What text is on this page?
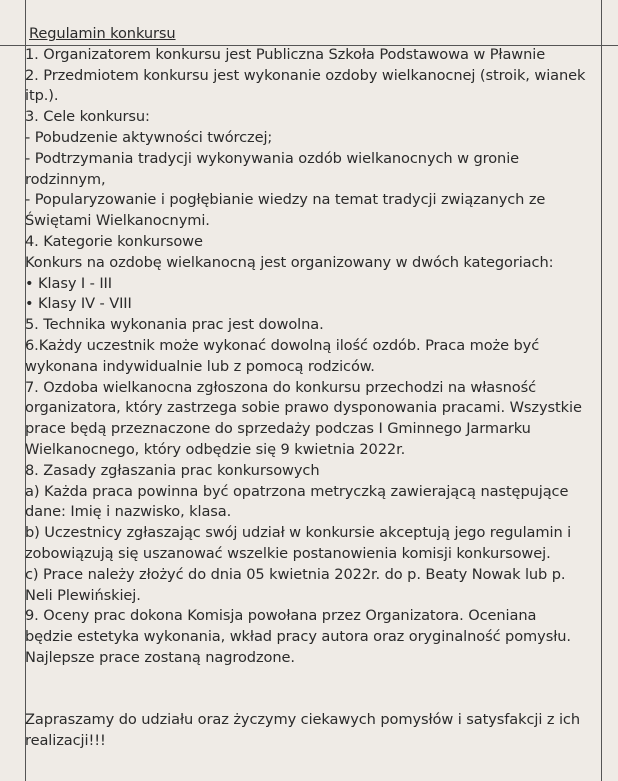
Regulamin konkursu
1. Organizatorem konkursu jest Publiczna Szkoła Podstawowa w Pławnie
2. Przedmiotem konkursu jest wykonanie ozdoby wielkanocnej (stroik, wianek
itp.).
3. Cele konkursu:
- Pobudzenie aktywności twórczej;
- Podtrzymania tradycji wykonywania ozdób wielkanocnych w gronie
rodzinnym,
- Popularyzowanie i pogłębianie wiedzy na temat tradycji związanych ze
Świętami Wielkanocnymi.
4. Kategorie konkursowe
Konkurs na ozdobę wielkanocną jest organizowany w dwóch kategoriach:
• Klasy I - III
• Klasy IV - VIII
5. Technika wykonania prac jest dowolna.
6.Każdy uczestnik może wykonać dowolną ilość ozdób. Praca może być
wykonana indywidualnie lub z pomocą rodziców.
7. Ozdoba wielkanocna zgłoszona do konkursu przechodzi na własność
organizatora, który zastrzega sobie prawo dysponowania pracami. Wszystkie
prace będą przeznaczone do sprzedaży podczas I Gminnego Jarmarku
Wielkanocnego, który odbędzie się 9 kwietnia 2022r.
8. Zasady zgłaszania prac konkursowych
a) Każda praca powinna być opatrzona metryczką zawierającą następujące
dane: Imię i nazwisko, klasa.
b) Uczestnicy zgłaszając swój udział w konkursie akceptują jego regulamin i
zobowiązują się uszanować wszelkie postanowienia komisji konkursowej.
c) Prace należy złożyć do dnia 05 kwietnia 2022r. do p. Beaty Nowak lub p.
Neli Plewińskiej.
9. Oceny prac dokona Komisja powołana przez Organizatora. Oceniana
będzie estetyka wykonania, wkład pracy autora oraz oryginalność pomysłu.
Najlepsze prace zostaną nagrodzone.
Zapraszamy do udziału oraz życzymy ciekawych pomysłów i satysfakcji z ich
realizacji!!!
